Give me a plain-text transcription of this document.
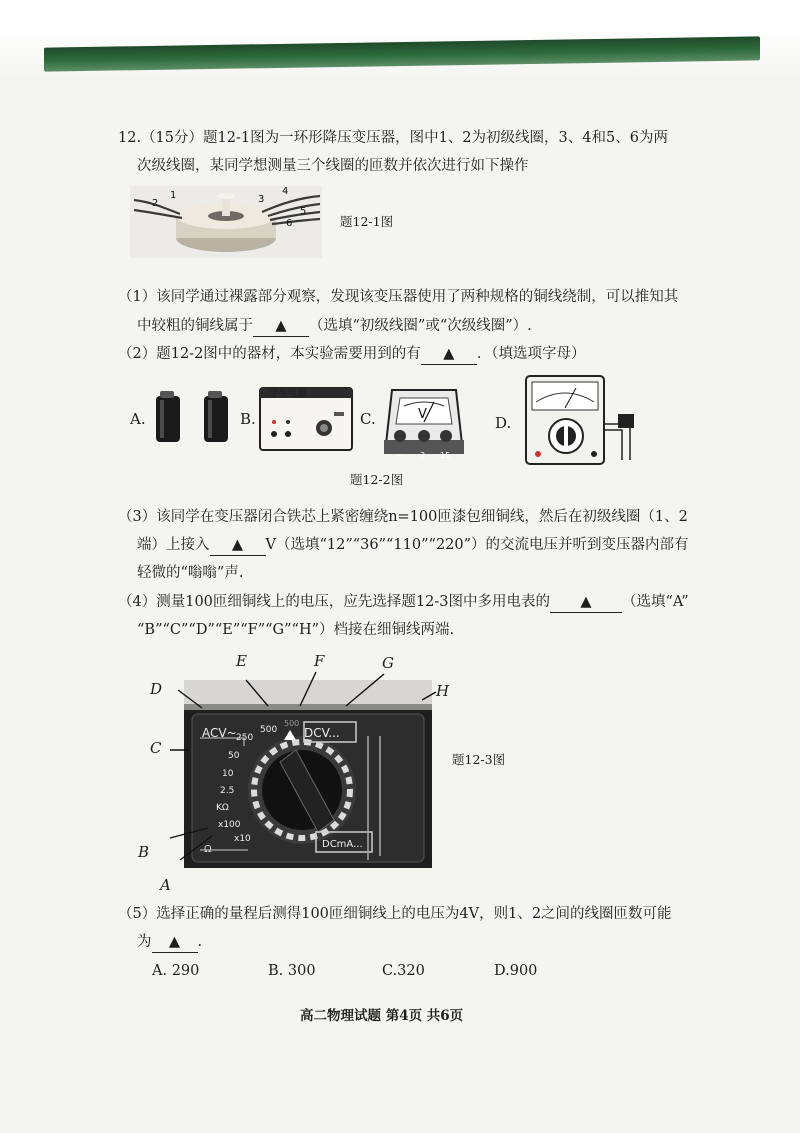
12.（15分）题12-1图为一环形降压变压器，图中1、2为初级线圈，3、4和5、6为两
次级线圈，某同学想测量三个线圈的匝数并依次进行如下操作
2
1	3
4
5
6	题12-1图
（1）该同学通过裸露部分观察，发现该变压器使用了两种规格的铜线绕制，可以推知其
中较粗的铜线属于 ▲ （选填“初级线圈”或“次级线圈”）.
（2）题12-2图中的器材，本实验需要用到的有 ▲ ．（填选项字母）
A.	B.
学生电源
C.	V
− 3 15
D.
题12-2图
（3）该同学在变压器闭合铁芯上紧密缠绕n=100匝漆包细铜线，然后在初级线圈（1、2
端）上接入 ▲ V（选填“12”“36”“110”“220”）的交流电压并听到变压器内部有
轻微的“嗡嗡”声.
（4）测量100匝细铜线上的电压，应先选择题12-3图中多用电表的 ▲ （选填“A”
“B”“C”“D”“E”“F”“G”“H”）档接在细铜线两端.
ACV~	DCV...
DCmA...
250
500
500
50
10
2.5
KΩ
x100
x10
Ω
A
B
C
D
E	F	G
H
题12-3图
（5）选择正确的量程后测得100匝细铜线上的电压为4V，则1、2之间的线圈匝数可能
为 ▲ .
A. 290	B. 300	C.320	D.900
高二物理试题 第4页 共6页
